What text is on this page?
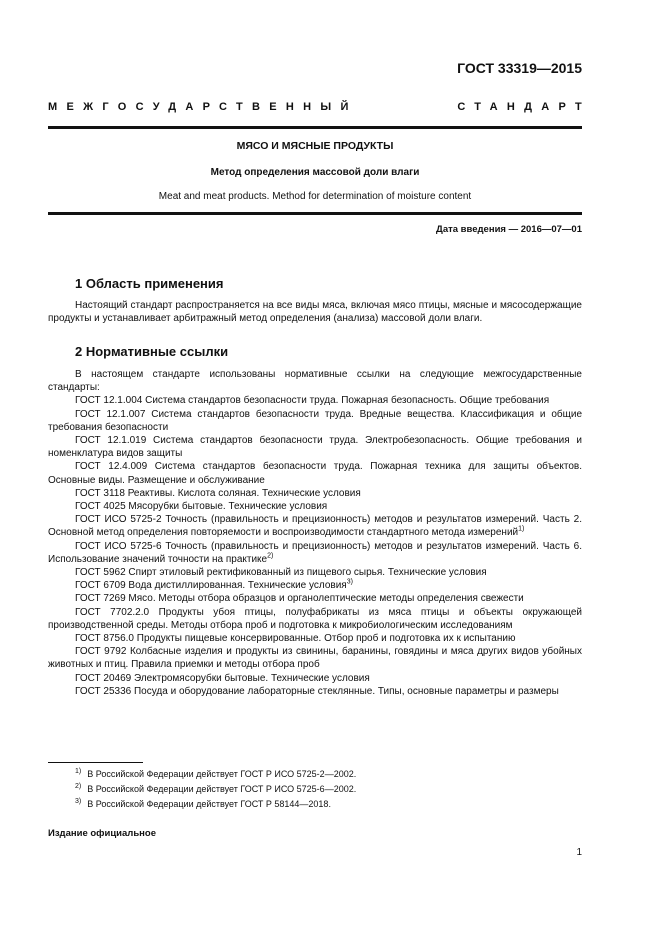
ГОСТ 33319—2015
МЕЖГОСУДАРСТВЕННЫЙ	СТАНДАРТ
МЯСО И МЯСНЫЕ ПРОДУКТЫ
Метод определения массовой доли влаги
Meat and meat products. Method for determination of moisture content
Дата введения — 2016—07—01
1 Область применения
Настоящий стандарт распространяется на все виды мяса, включая мясо птицы, мясные и мясосодержащие продукты и устанавливает арбитражный метод определения (анализа) массовой доли влаги.
2 Нормативные ссылки

В настоящем стандарте использованы нормативные ссылки на следующие межгосударственные стандарты:

ГОСТ 12.1.004 Система стандартов безопасности труда. Пожарная безопасность. Общие требования

ГОСТ 12.1.007 Система стандартов безопасности труда. Вредные вещества. Классификация и общие требования безопасности

ГОСТ 12.1.019 Система стандартов безопасности труда. Электробезопасность. Общие требования и номенклатура видов защиты

ГОСТ 12.4.009 Система стандартов безопасности труда. Пожарная техника для защиты объектов. Основные виды. Размещение и обслуживание

ГОСТ 3118 Реактивы. Кислота соляная. Технические условия

ГОСТ 4025 Мясорубки бытовые. Технические условия

ГОСТ ИСО 5725-2 Точность (правильность и прецизионность) методов и результатов измерений. Часть 2. Основной метод определения повторяемости и воспроизводимости стандартного метода измерений$^{1)}$

ГОСТ ИСО 5725-6 Точность (правильность и прецизионность) методов и результатов измерений. Часть 6. Использование значений точности на практике$^{2)}$

ГОСТ 5962 Спирт этиловый ректификованный из пищевого сырья. Технические условия

ГОСТ 6709 Вода дистиллированная. Технические условия$^{3)}$

ГОСТ 7269 Мясо. Методы отбора образцов и органолептические методы определения свежести

ГОСТ 7702.2.0 Продукты убоя птицы, полуфабрикаты из мяса птицы и объекты окружающей производственной среды. Методы отбора проб и подготовка к микробиологическим исследованиям

ГОСТ 8756.0 Продукты пищевые консервированные. Отбор проб и подготовка их к испытанию

ГОСТ 9792 Колбасные изделия и продукты из свинины, баранины, говядины и мяса других видов убойных животных и птиц. Правила приемки и методы отбора проб

ГОСТ 20469 Электромясорубки бытовые. Технические условия

ГОСТ 25336 Посуда и оборудование лабораторные стеклянные. Типы, основные параметры и размеры

$^{1)}$ В Российской Федерации действует ГОСТ Р ИСО 5725-2—2002.
$^{2)}$ В Российской Федерации действует ГОСТ Р ИСО 5725-6—2002.
$^{3)}$ В Российской Федерации действует ГОСТ Р 58144—2018.
Издание официальное
1
